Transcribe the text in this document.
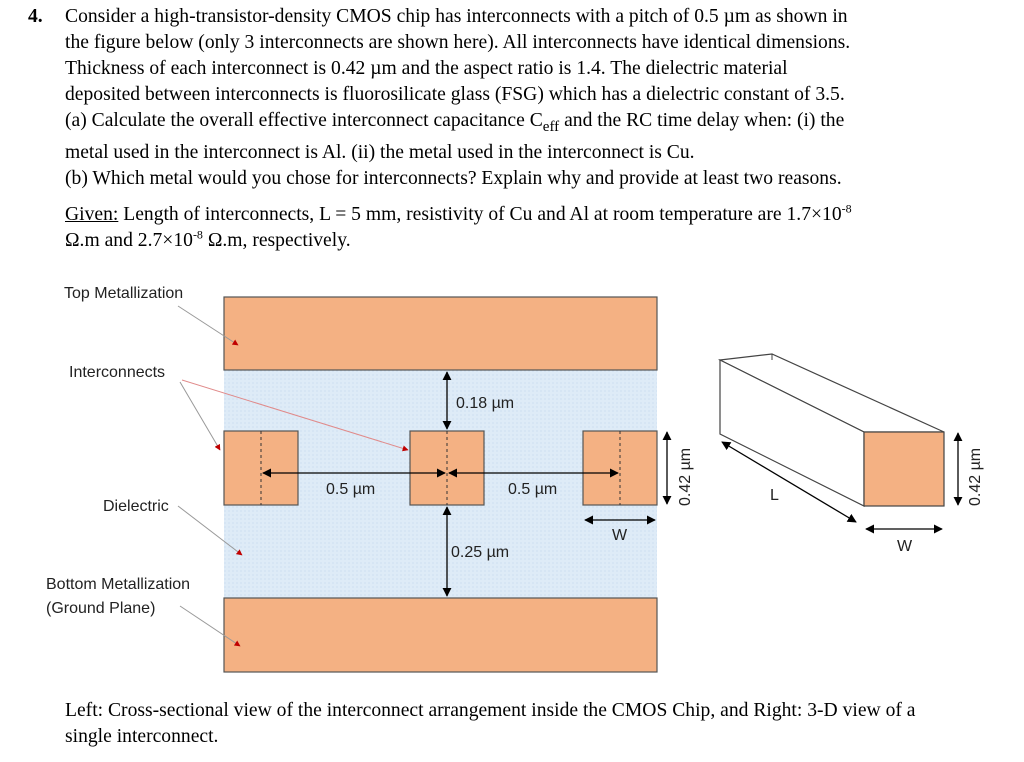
4. Consider a high-transistor-density CMOS chip has interconnects with a pitch of 0.5 µm as shown in
the figure below (only 3 interconnects are shown here). All interconnects have identical dimensions.
Thickness of each interconnect is 0.42 µm and the aspect ratio is 1.4. The dielectric material
deposited between interconnects is fluorosilicate glass (FSG) which has a dielectric constant of 3.5.
(a) Calculate the overall effective interconnect capacitance $C_{eff}$ and the RC time delay when: (i) the
metal used in the interconnect is Al. (ii) the metal used in the interconnect is Cu.
(b) Which metal would you chose for interconnects? Explain why and provide at least two reasons.
Given: Length of interconnects, L = 5 mm, resistivity of Cu and Al at room temperature are $1.7\times 10^{-8}$
Ω.m and $2.7\times 10^{-8}$ Ω.m, respectively.
0.5 µm	0.5 µm
0.18 µm
0.25 µm
W
0.42 µm
Top Metallization
Interconnects
Dielectric
Bottom Metallization
(Ground Plane)
L
W
0.42 µm
Left: Cross-sectional view of the interconnect arrangement inside the CMOS Chip, and Right: 3-D view of a
single interconnect.
